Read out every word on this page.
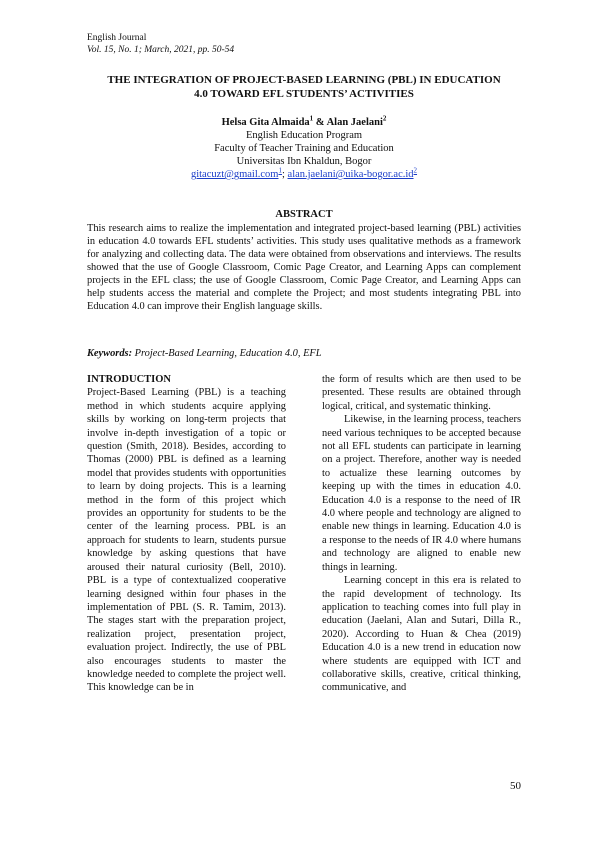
English Journal
Vol. 15, No. 1; March, 2021, pp. 50-54
THE INTEGRATION OF PROJECT-BASED LEARNING (PBL) IN EDUCATION
4.0 TOWARD EFL STUDENTS’ ACTIVITIES
Helsa Gita Almaida$^1$ & Alan Jaelani$^2$
English Education Program
Faculty of Teacher Training and Education
Universitas Ibn Khaldun, Bogor
gitacuzt@gmail.com$^1$; $alan.jaelani@uika-bogor.ac.id^2$
ABSTRACT
This research aims to realize the implementation and integrated project-based learning (PBL) activities in education 4.0 towards EFL students’ activities. This study uses qualitative methods as a framework for analyzing and collecting data. The data were obtained from observations and interviews. The results showed that the use of Google Classroom, Comic Page Creator, and Learning Apps can complement projects in the EFL class; the use of Google Classroom, Comic Page Creator, and Learning Apps can help students access the material and complete the Project; and most students integrating PBL into Education 4.0 can improve their English language skills.
Keywords: Project-Based Learning, Education 4.0, EFL
INTRODUCTION

Project-Based Learning (PBL) is a teaching method in which students acquire applying skills by working on long-term projects that involve in-depth investigation of a topic or question (Smith, 2018). Besides, according to Thomas (2000) PBL is defined as a learning model that provides students with opportunities to learn by doing projects. This is a learning method in the form of this project which provides an opportunity for students to be the center of the learning process. PBL is an approach for students to learn, students pursue knowledge by asking questions that have aroused their natural curiosity (Bell, 2010). PBL is a type of contextualized cooperative learning designed within four phases in the implementation of PBL (S. R. Tamim, 2013). The stages start with the preparation project, realization project, presentation project, evaluation project. Indirectly, the use of PBL also encourages students to master the knowledge needed to complete the project well. This knowledge can be in

the form of results which are then used to be presented. These results are obtained through logical, critical, and systematic thinking.

Likewise, in the learning process, teachers need various techniques to be accepted because not all EFL students can participate in learning on a project. Therefore, another way is needed to actualize these learning outcomes by keeping up with the times in education 4.0. Education 4.0 is a response to the need of IR 4.0 where people and technology are aligned to enable new things in learning. Education 4.0 is a response to the needs of IR 4.0 where humans and technology are aligned to enable new things in learning.

Learning concept in this era is related to the rapid development of technology. Its application to teaching comes into full play in education (Jaelani, Alan and Sutari, Dilla R., 2020). According to Huan & Chea (2019) Education 4.0 is a new trend in education now where students are equipped with ICT and collaborative skills, creative, critical thinking, communicative, and

50
